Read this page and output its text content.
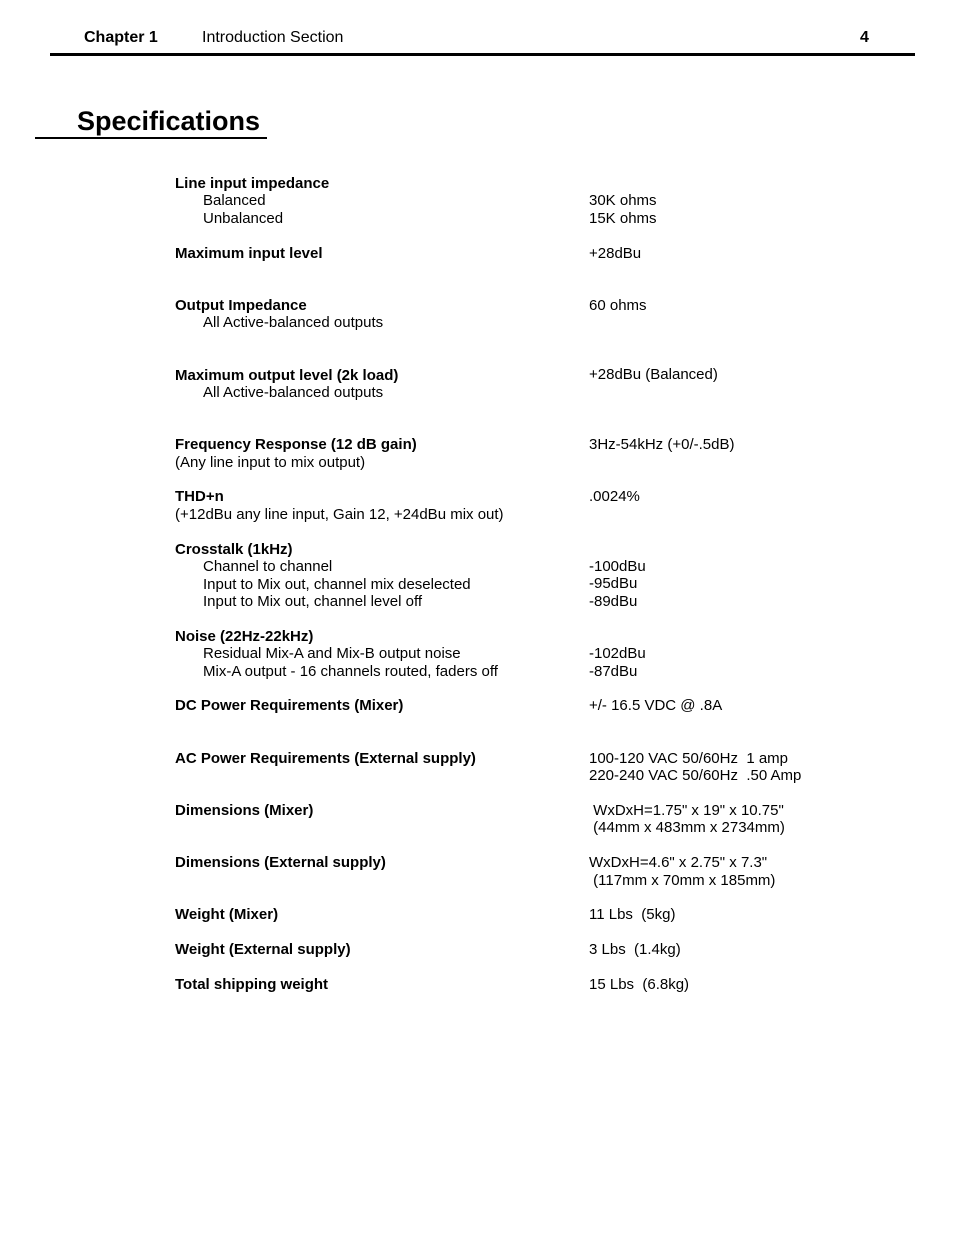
Chapter 1	Introduction Section	4
Specifications
Line input impedance
Balanced	30K ohms
Unbalanced	15K ohms
Maximum input level	+28dBu
Output Impedance	60 ohms
All Active-balanced outputs
Maximum output level (2k load)	+28dBu (Balanced)
All Active-balanced outputs
Frequency Response (12 dB gain)	3Hz-54kHz (+0/-.5dB)
(Any line input to mix output)
THD+n	.0024%
(+12dBu any line input, Gain 12, +24dBu mix out)
Crosstalk (1kHz)
Channel to channel	-100dBu
Input to Mix out, channel mix deselected	-95dBu
Input to Mix out, channel level off	-89dBu
Noise (22Hz-22kHz)
Residual Mix-A and Mix-B output noise	-102dBu
Mix-A output - 16 channels routed, faders off	-87dBu
DC Power Requirements (Mixer)	+/- 16.5 VDC @ .8A
AC Power Requirements (External supply)	100-120 VAC 50/60Hz  1 amp
220-240 VAC 50/60Hz  .50 Amp
Dimensions (Mixer)	WxDxH=1.75" x 19" x 10.75"
(44mm x 483mm x 2734mm)
Dimensions (External supply)	WxDxH=4.6" x 2.75" x 7.3"
(117mm x 70mm x 185mm)
Weight (Mixer)	11 Lbs  (5kg)
Weight (External supply)	3 Lbs  (1.4kg)
Total shipping weight	15 Lbs  (6.8kg)
